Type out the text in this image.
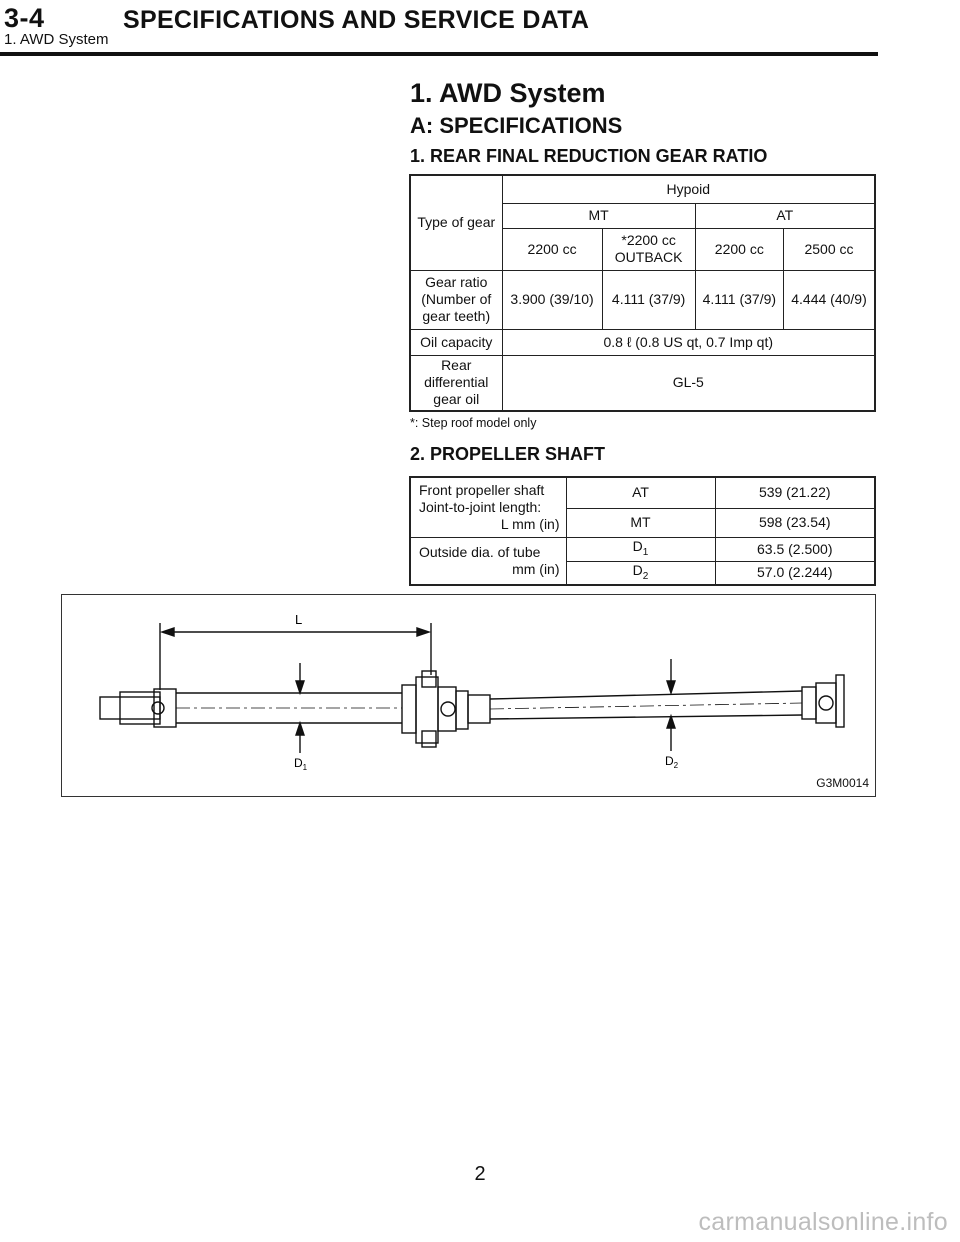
3-4	SPECIFICATIONS AND SERVICE DATA
1. AWD System
1. AWD System
A: SPECIFICATIONS
1. REAR FINAL REDUCTION GEAR RATIO
Type of gear	Hypoid			
	MT		AT	
	2200 cc	*2200 cc OUTBACK	2200 cc	2500 cc
Gear ratio (Number of gear teeth)	3.900 (39/10)	4.111 (37/9)	4.111 (37/9)	4.444 (40/9)
Oil capacity	0.8 ℓ (0.8 US qt, 0.7 Imp qt)			
Rear differential gear oil	GL-5			
*: Step roof model only
2. PROPELLER SHAFT
Front propeller shaft
Joint-to-joint length:
L mm (in)	AT	539 (21.22)
	MT	598 (23.54)
Outside dia. of tube
mm (in)	$D_1$	63.5 (2.500)
	$D_2$	57.0 (2.244)
L
$D_1$	$D_2$
G3M0014
2
carmanualsonline.info
